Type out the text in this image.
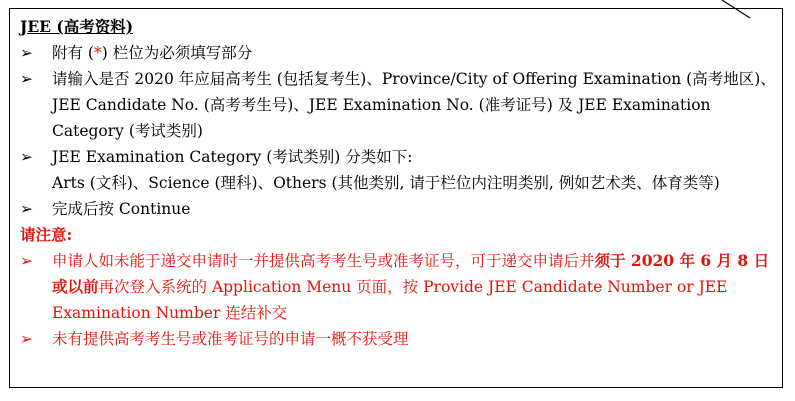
JEE (高考资料)
➢	附有 (*) 栏位为必须填写部分
➢	请输入是否 2020 年应届高考生 (包括复考生)、Province/City of Offering Examination (高考地区)、JEE Candidate No. (高考考生号)、JEE Examination No. (准考证号) 及 JEE Examination Category (考试类别)
➢	JEE Examination Category (考试类别) 分类如下:
Arts (文科)、Science (理科)、Others (其他类别, 请于栏位内注明类别, 例如艺术类、体育类等)
➢	完成后按 Continue
请注意:
➢	申请人如未能于递交申请时一并提供高考考生号或准考证号，可于递交申请后并须于 2020 年 6 月 8 日或以前再次登入系统的 Application Menu 页面，按 Provide JEE Candidate Number or JEE Examination Number 连结补交
➢	未有提供高考考生号或准考证号的申请一概不获受理
